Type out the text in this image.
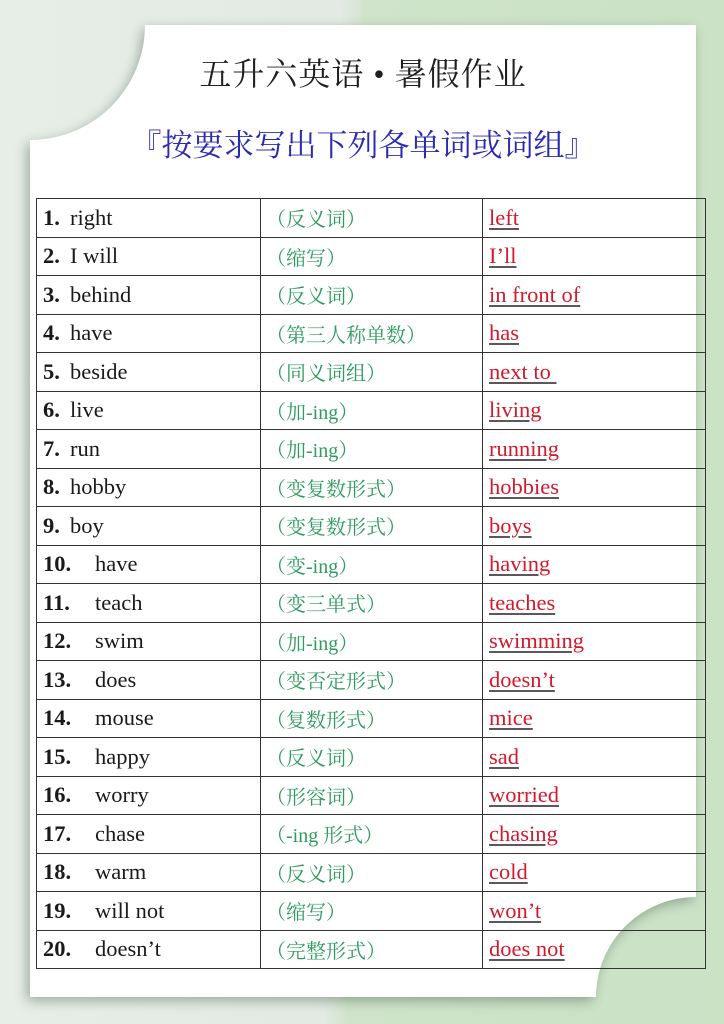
五升六英语 • 暑假作业
『按要求写出下列各单词或词组』
1. right	（反义词）	left
2. I will	（缩写）	I’ll
3. behind	（反义词）	in front of
4. have	（第三人称单数）	has
5. beside	（同义词组）	next to
6. live	（加-ing）	living
7. run	（加-ing）	running
8. hobby	（变复数形式）	hobbies
9. boy	（变复数形式）	boys
10. have	（变-ing）	having
11. teach	（变三单式）	teaches
12. swim	（加-ing）	swimming
13. does	（变否定形式）	doesn’t
14. mouse	（复数形式）	mice
15. happy	（反义词）	sad
16. worry	（形容词）	worried
17. chase	（-ing 形式）	chasing
18. warm	（反义词）	cold
19. will not	（缩写）	won’t
20. doesn’t	（完整形式）	does not
